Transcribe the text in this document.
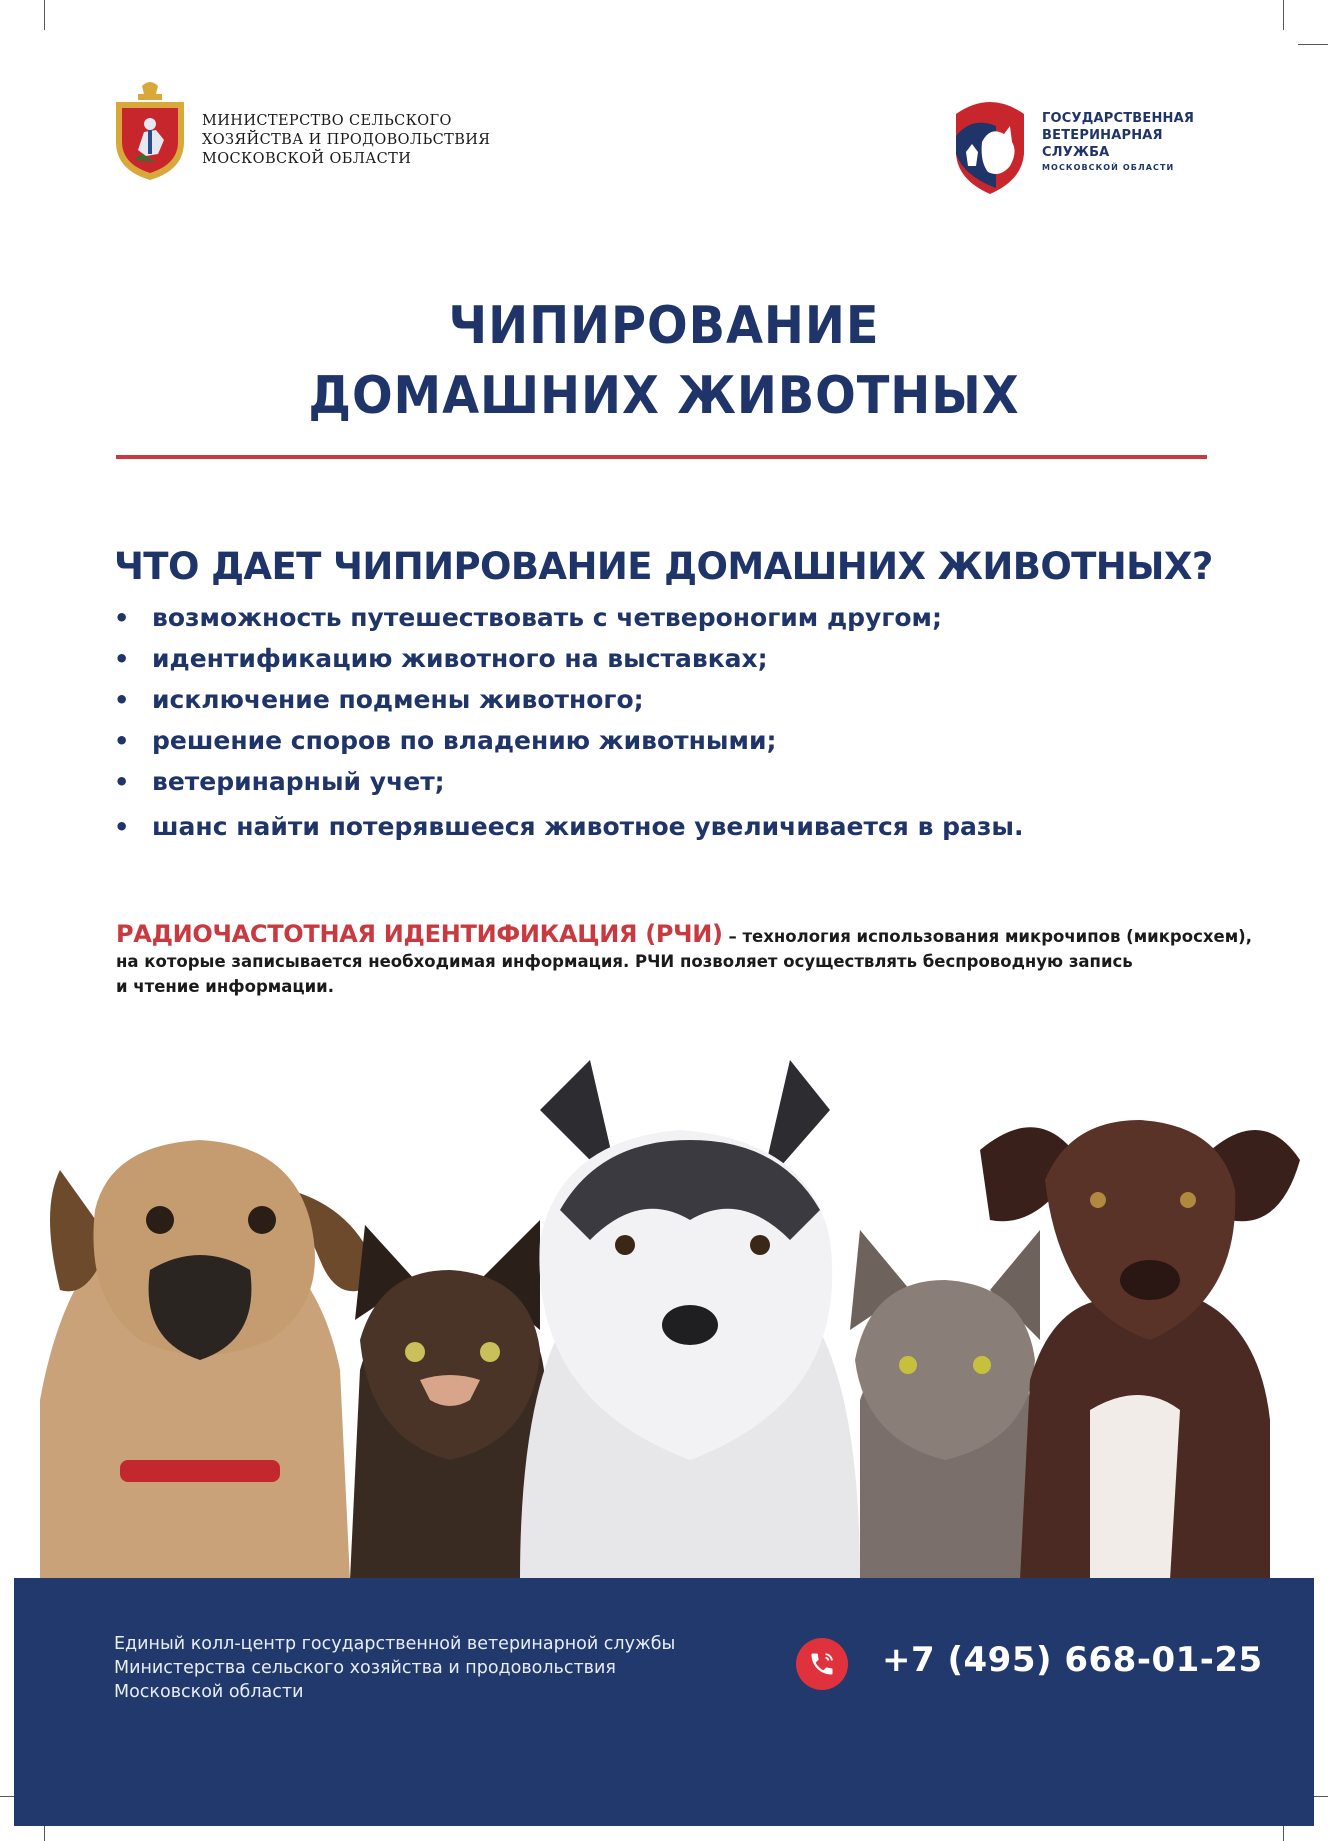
МИНИСТЕРСТВО СЕЛЬСКОГО
ХОЗЯЙСТВА И ПРОДОВОЛЬСТВИЯ
МОСКОВСКОЙ ОБЛАСТИ
ГОСУДАРСТВЕННАЯ
ВЕТЕРИНАРНАЯ
СЛУЖБА
МОСКОВСКОЙ ОБЛАСТИ
ЧИПИРОВАНИЕ
ДОМАШНИХ ЖИВОТНЫХ
ЧТО ДАЕТ ЧИПИРОВАНИЕ ДОМАШНИХ ЖИВОТНЫХ?
• возможность путешествовать с четвероногим другом;
• идентификацию животного на выставках;
• исключение подмены животного;
• решение споров по владению животными;
• ветеринарный учет;
• шанс найти потерявшееся животное увеличивается в разы.
РАДИОЧАСТОТНАЯ ИДЕНТИФИКАЦИЯ (РЧИ) – технология использования микрочипов (микросхем),
на которые записывается необходимая информация. РЧИ позволяет осуществлять беспроводную запись
и чтение информации.
Единый колл-центр государственной ветеринарной службы
Министерства сельского хозяйства и продовольствия
Московской области
+7 (495) 668-01-25
